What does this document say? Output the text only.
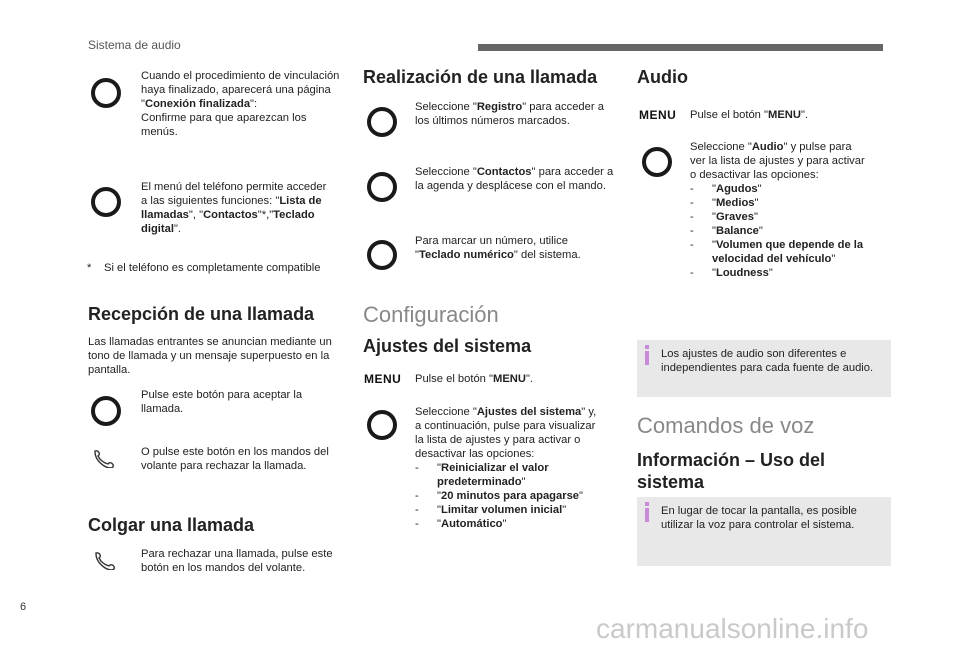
Sistema de audio
Cuando el procedimiento de vinculación haya finalizado, aparecerá una página "Conexión finalizada":
Confirme para que aparezcan los menús.
El menú del teléfono permite acceder a las siguientes funciones: "Lista de llamadas", "Contactos"*,"Teclado digital".
* Si el teléfono es completamente compatible
Recepción de una llamada
Las llamadas entrantes se anuncian mediante un tono de llamada y un mensaje superpuesto en la pantalla.
Pulse este botón para aceptar la llamada.
O pulse este botón en los mandos del volante para rechazar la llamada.
Colgar una llamada
Para rechazar una llamada, pulse este botón en los mandos del volante.
Realización de una llamada
Seleccione "Registro" para acceder a los últimos números marcados.
Seleccione "Contactos" para acceder a la agenda y desplácese con el mando.
Para marcar un número, utilice "Teclado numérico" del sistema.
Configuración
Ajustes del sistema
MENU Pulse el botón "MENU".
Seleccione "Ajustes del sistema" y, a continuación, pulse para visualizar la lista de ajustes y para activar o desactivar las opciones:
- "Reinicializar el valor predeterminado"
- "20 minutos para apagarse"
- "Limitar volumen inicial"
- "Automático"
Audio
MENU Pulse el botón "MENU".
Seleccione "Audio" y pulse para ver la lista de ajustes y para activar o desactivar las opciones:
- "Agudos"
- "Medios"
- "Graves"
- "Balance"
- "Volumen que depende de la velocidad del vehículo"
- "Loudness"
Los ajustes de audio son diferentes e independientes para cada fuente de audio.
Comandos de voz
Información – Uso del sistema
En lugar de tocar la pantalla, es posible utilizar la voz para controlar el sistema.
6
carmanualsonline.info
